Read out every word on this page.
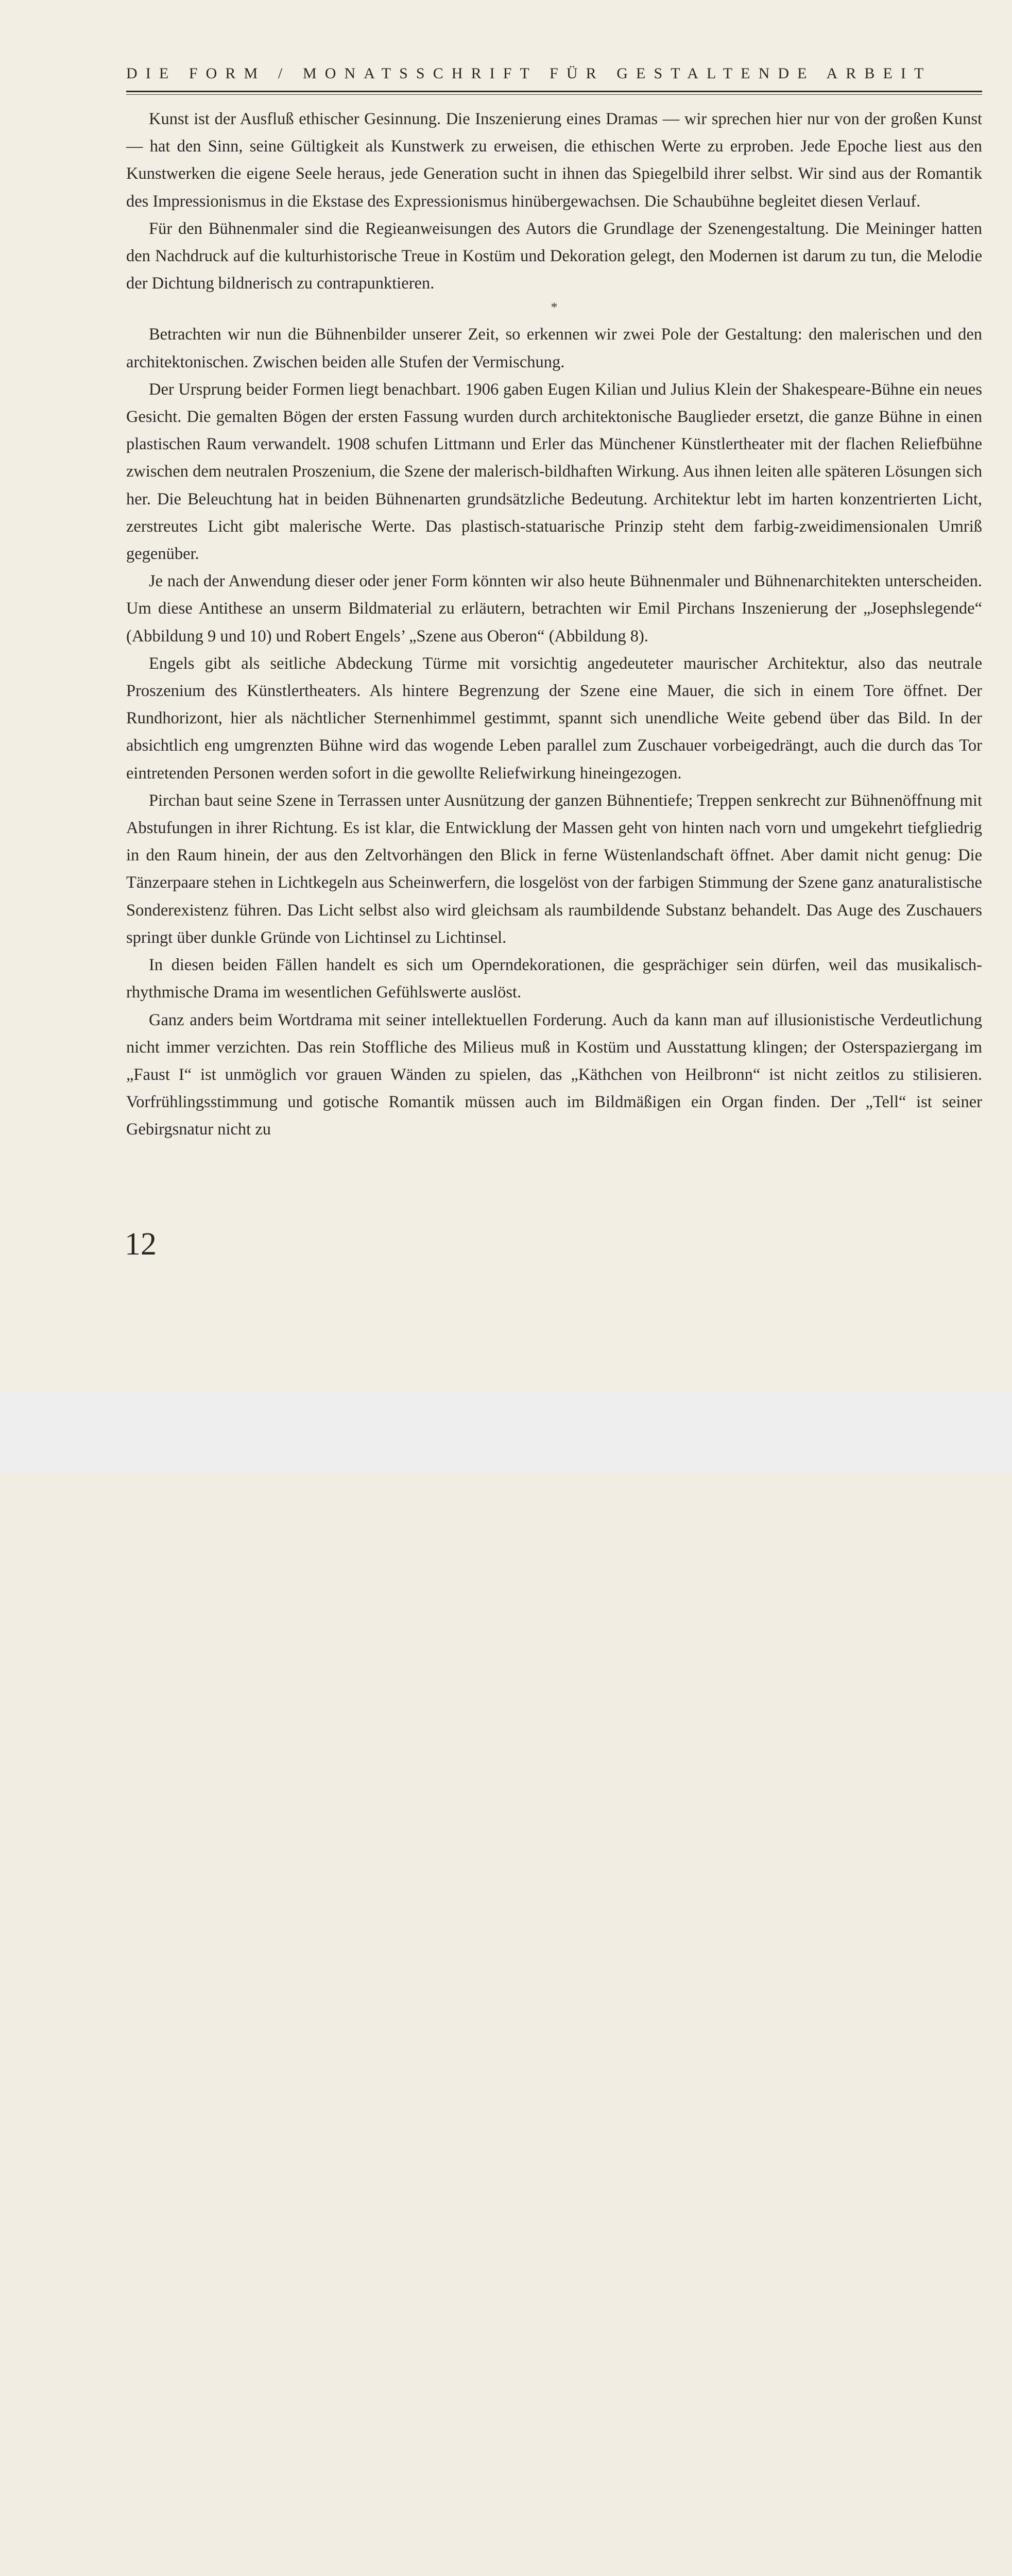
DIE FORM / MONATSSCHRIFT FÜR GESTALTENDE ARBEIT

Kunst ist der Ausfluß ethischer Gesinnung. Die Inszenierung eines Dramas — wir sprechen hier nur von der großen Kunst — hat den Sinn, seine Gültigkeit als Kunstwerk zu erweisen, die ethischen Werte zu erproben. Jede Epoche liest aus den Kunstwerken die eigene Seele heraus, jede Generation sucht in ihnen das Spiegelbild ihrer selbst. Wir sind aus der Romantik des Impressionismus in die Ekstase des Expressionismus hinübergewachsen. Die Schaubühne begleitet diesen Verlauf.

Für den Bühnenmaler sind die Regieanweisungen des Autors die Grundlage der Szenengestaltung. Die Meininger hatten den Nachdruck auf die kulturhistorische Treue in Kostüm und Dekoration gelegt, den Modernen ist darum zu tun, die Melodie der Dichtung bildnerisch zu contrapunktieren.

*

Betrachten wir nun die Bühnenbilder unserer Zeit, so erkennen wir zwei Pole der Gestaltung: den malerischen und den architektonischen. Zwischen beiden alle Stufen der Vermischung.

Der Ursprung beider Formen liegt benachbart. 1906 gaben Eugen Kilian und Julius Klein der Shakespeare-Bühne ein neues Gesicht. Die gemalten Bögen der ersten Fassung wurden durch architektonische Bauglieder ersetzt, die ganze Bühne in einen plastischen Raum verwandelt. 1908 schufen Littmann und Erler das Münchener Künstlertheater mit der flachen Reliefbühne zwischen dem neutralen Proszenium, die Szene der malerisch-bildhaften Wirkung. Aus ihnen leiten alle späteren Lösungen sich her. Die Beleuchtung hat in beiden Bühnenarten grundsätzliche Bedeutung. Architektur lebt im harten konzentrierten Licht, zerstreutes Licht gibt malerische Werte. Das plastisch-statuarische Prinzip steht dem farbig-zweidimensionalen Umriß gegenüber.

Je nach der Anwendung dieser oder jener Form könnten wir also heute Bühnenmaler und Bühnenarchitekten unterscheiden. Um diese Antithese an unserm Bildmaterial zu erläutern, betrachten wir Emil Pirchans Inszenierung der „Josephslegende“ (Abbildung 9 und 10) und Robert Engels’ „Szene aus Oberon“ (Abbildung 8).

Engels gibt als seitliche Abdeckung Türme mit vorsichtig angedeuteter maurischer Architektur, also das neutrale Proszenium des Künstlertheaters. Als hintere Begrenzung der Szene eine Mauer, die sich in einem Tore öffnet. Der Rundhorizont, hier als nächtlicher Sternenhimmel gestimmt, spannt sich unendliche Weite gebend über das Bild. In der absichtlich eng umgrenzten Bühne wird das wogende Leben parallel zum Zuschauer vorbeigedrängt, auch die durch das Tor eintretenden Personen werden sofort in die gewollte Reliefwirkung hineingezogen.

Pirchan baut seine Szene in Terrassen unter Ausnützung der ganzen Bühnentiefe; Treppen senkrecht zur Bühnenöffnung mit Abstufungen in ihrer Richtung. Es ist klar, die Entwicklung der Massen geht von hinten nach vorn und umgekehrt tiefgliedrig in den Raum hinein, der aus den Zeltvorhängen den Blick in ferne Wüstenlandschaft öffnet. Aber damit nicht genug: Die Tänzerpaare stehen in Lichtkegeln aus Scheinwerfern, die losgelöst von der farbigen Stimmung der Szene ganz anaturalistische Sonderexistenz führen. Das Licht selbst also wird gleichsam als raumbildende Substanz behandelt. Das Auge des Zuschauers springt über dunkle Gründe von Lichtinsel zu Lichtinsel.

In diesen beiden Fällen handelt es sich um Operndekorationen, die gesprächiger sein dürfen, weil das musikalisch-rhythmische Drama im wesentlichen Gefühlswerte auslöst.

Ganz anders beim Wortdrama mit seiner intellektuellen Forderung. Auch da kann man auf illusionistische Verdeutlichung nicht immer verzichten. Das rein Stoffliche des Milieus muß in Kostüm und Ausstattung klingen; der Osterspaziergang im „Faust I“ ist unmöglich vor grauen Wänden zu spielen, das „Käthchen von Heilbronn“ ist nicht zeitlos zu stilisieren. Vorfrühlingsstimmung und gotische Romantik müssen auch im Bildmäßigen ein Organ finden. Der „Tell“ ist seiner Gebirgsnatur nicht zu

12
